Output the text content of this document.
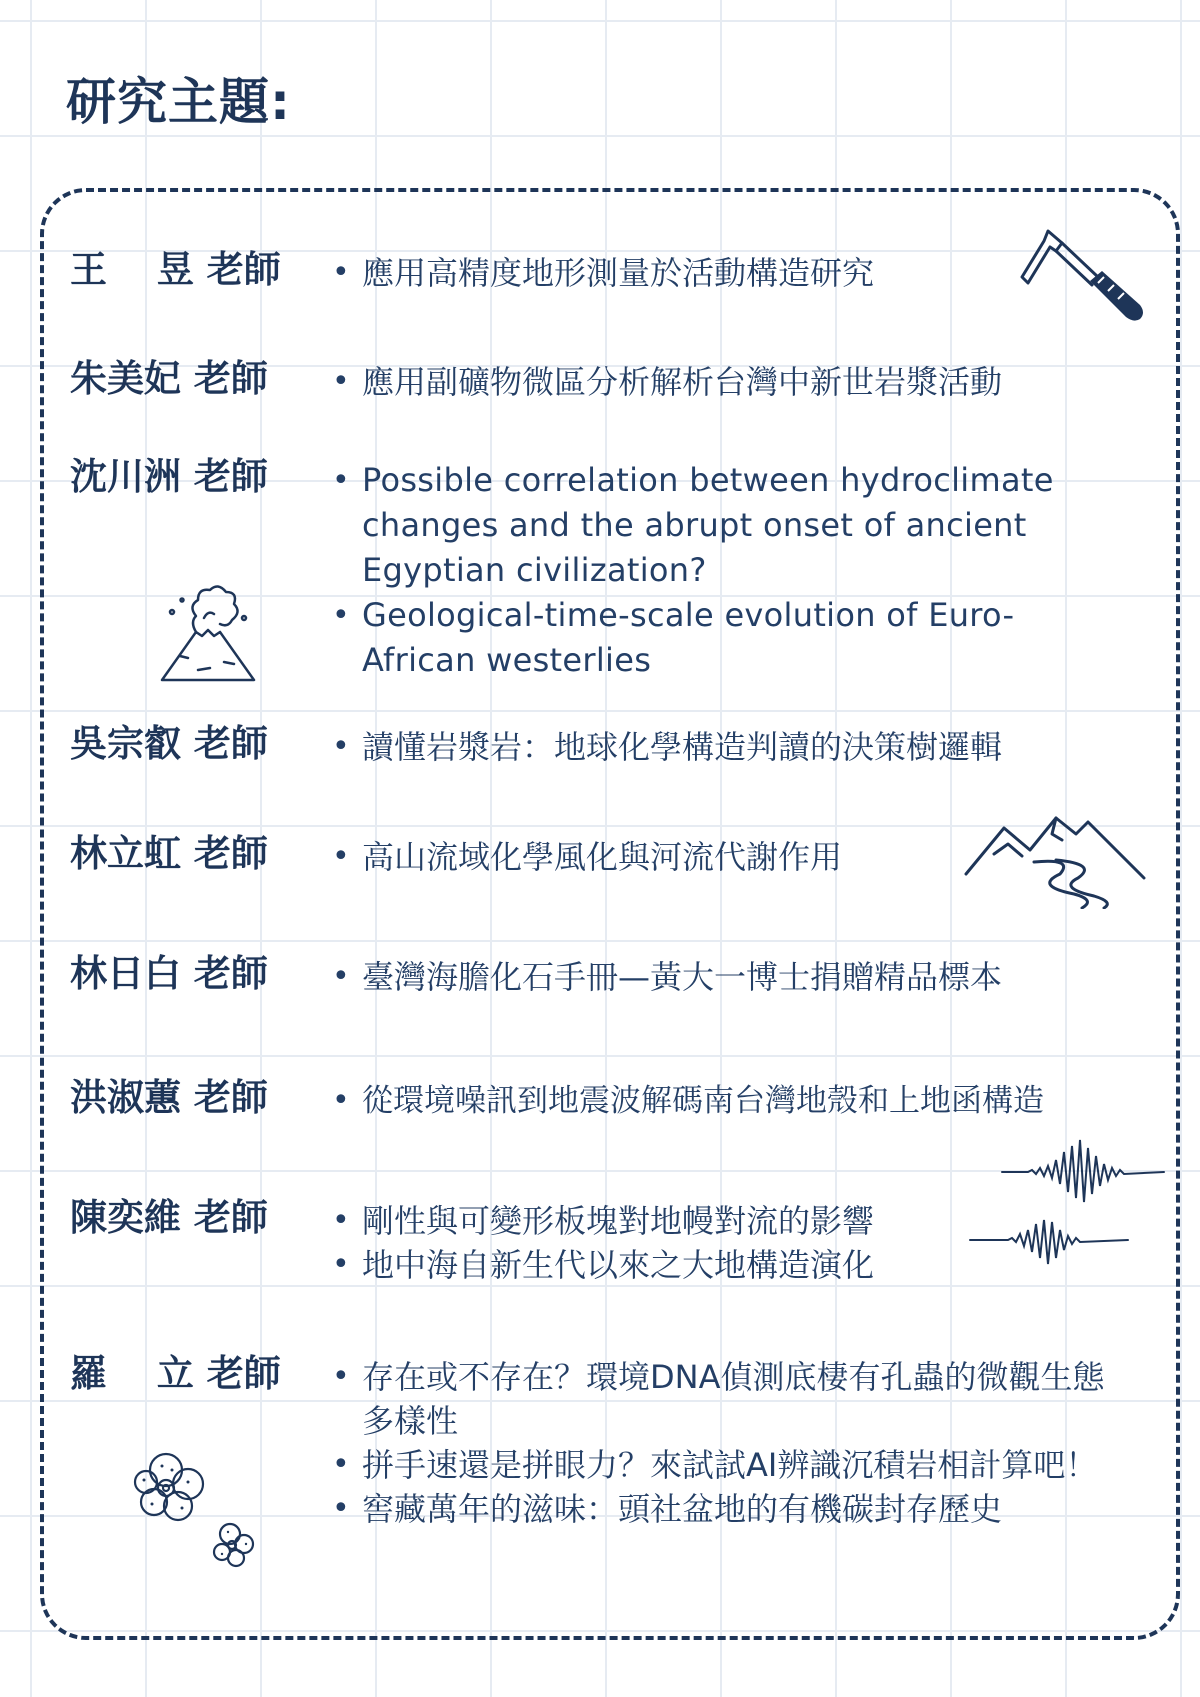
研究主題:
王　 昱 老師	• 應用高精度地形測量於活動構造研究
朱美妃 老師	• 應用副礦物微區分析解析台灣中新世岩漿活動
沈川洲 老師	• Possible correlation between hydroclimate changes and the abrupt onset of ancient Egyptian civilization?
• Geological-time-scale evolution of Euro-African westerlies
吳宗叡 老師	• 讀懂岩漿岩：地球化學構造判讀的決策樹邏輯
林立虹 老師	• 高山流域化學風化與河流代謝作用
林日白 老師	• 臺灣海膽化石手冊—黃大一博士捐贈精品標本
洪淑蕙 老師	• 從環境噪訊到地震波解碼南台灣地殼和上地函構造
陳奕維 老師	• 剛性與可變形板塊對地幔對流的影響
• 地中海自新生代以來之大地構造演化
羅　 立 老師	• 存在或不存在？環境DNA偵測底棲有孔蟲的微觀生態多樣性
• 拼手速還是拼眼力？來試試AI辨識沉積岩相計算吧！
• 窖藏萬年的滋味：頭社盆地的有機碳封存歷史
